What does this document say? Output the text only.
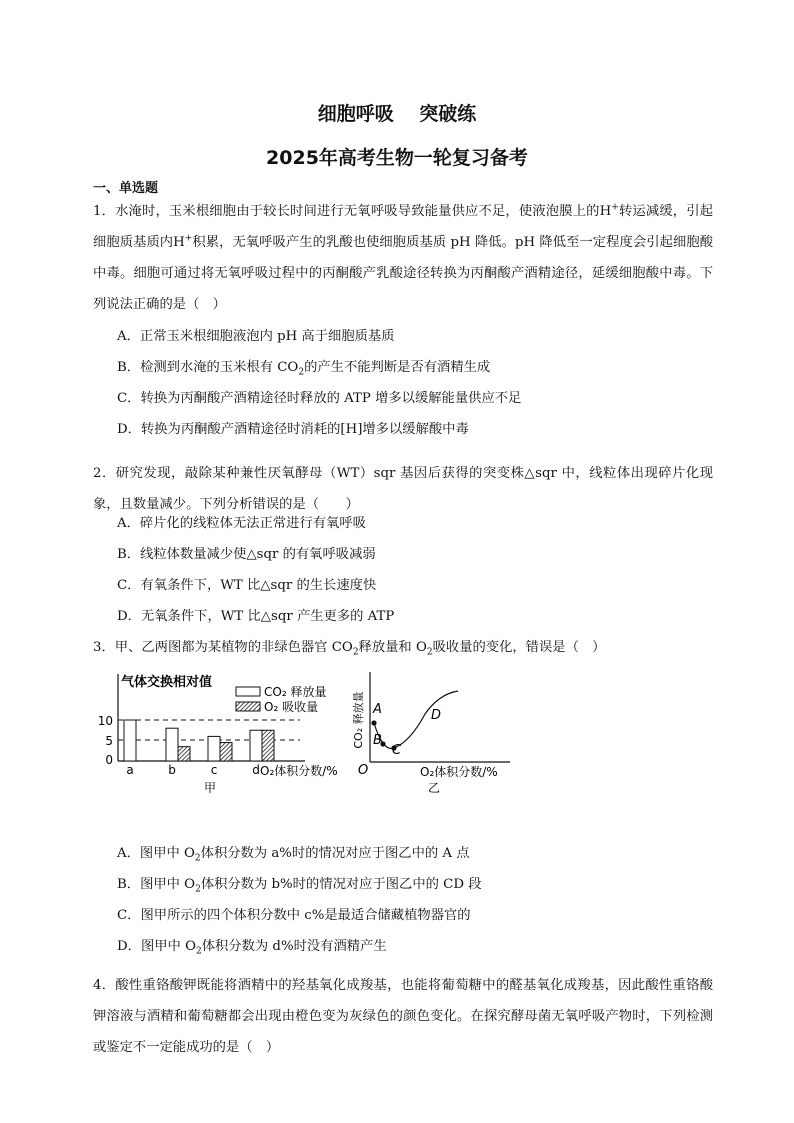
细胞呼吸　 突破练
2025年高考生物一轮复习备考
一、单选题
1．水淹时，玉米根细胞由于较长时间进行无氧呼吸导致能量供应不足，使液泡膜上的H+转运减缓，引起细胞质基质内H+积累，无氧呼吸产生的乳酸也使细胞质基质 pH 降低。pH 降低至一定程度会引起细胞酸中毒。细胞可通过将无氧呼吸过程中的丙酮酸产乳酸途径转换为丙酮酸产酒精途径，延缓细胞酸中毒。下列说法正确的是（　）
A．正常玉米根细胞液泡内 pH 高于细胞质基质
B．检测到水淹的玉米根有 $CO_2$的产生不能判断是否有酒精生成
C．转换为丙酮酸产酒精途径时释放的 ATP 增多以缓解能量供应不足
D．转换为丙酮酸产酒精途径时消耗的[H]增多以缓解酸中毒
2．研究发现，敲除某种兼性厌氧酵母（WT）sqr 基因后获得的突变株△sqr 中，线粒体出现碎片化现象，且数量减少。下列分析错误的是（　　）
A．碎片化的线粒体无法正常进行有氧呼吸
B．线粒体数量减少使△sqr 的有氧呼吸减弱
C．有氧条件下，WT 比△sqr 的生长速度快
D．无氧条件下，WT 比△sqr 产生更多的 ATP
3．甲、乙两图都为某植物的非绿色器官 $CO_2$释放量和 $O_2$吸收量的变化，错误是（　）
气体交换相对值
CO₂ 释放量
O₂ 吸收量
10
5
0
a	b	c	d O₂体积分数/%
甲
CO₂ 释放量
O
A
B
C
D
O₂体积分数/%
乙
A．图甲中 $O_2$体积分数为 a%时的情况对应于图乙中的 A 点
B．图甲中 $O_2$体积分数为 b%时的情况对应于图乙中的 CD 段
C．图甲所示的四个体积分数中 c%是最适合储藏植物器官的
D．图甲中 $O_2$体积分数为 d%时没有酒精产生
4．酸性重铬酸钾既能将酒精中的羟基氧化成羧基，也能将葡萄糖中的醛基氧化成羧基，因此酸性重铬酸钾溶液与酒精和葡萄糖都会出现由橙色变为灰绿色的颜色变化。在探究酵母菌无氧呼吸产物时，下列检测或鉴定不一定能成功的是（　）
